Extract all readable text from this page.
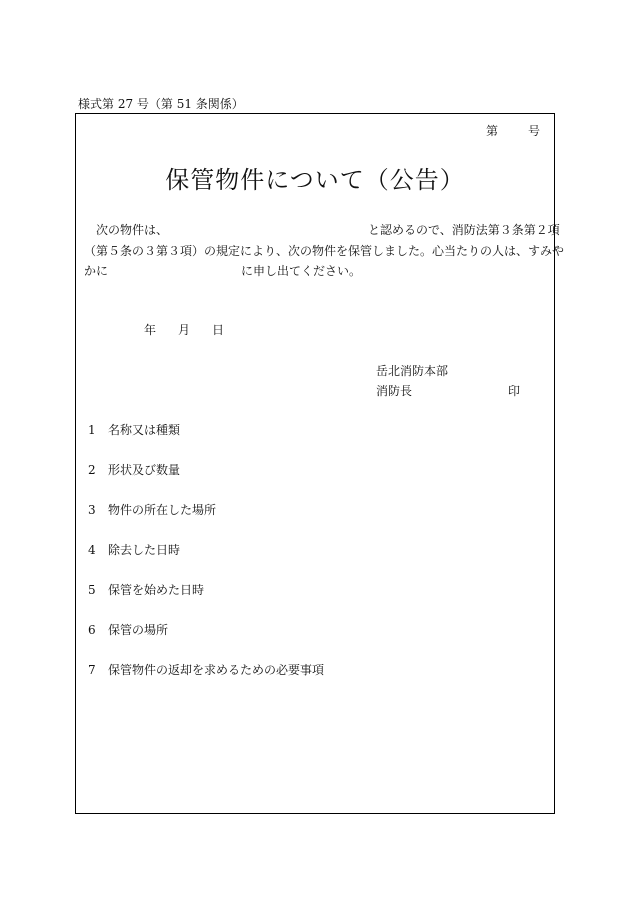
様式第 27 号（第 51 条関係）
第	号
保管物件について（公告）
次の物件は、	と認めるので、消防法第３条第２項
（第５条の３第３項）の規定により、次の物件を保管しました。心当たりの人は、すみや
かに	に申し出てください。
年 月 日
岳北消防本部
消防長	印
1 名称又は種類
2 形状及び数量
3 物件の所在した場所
4 除去した日時
5 保管を始めた日時
6 保管の場所
7 保管物件の返却を求めるための必要事項
